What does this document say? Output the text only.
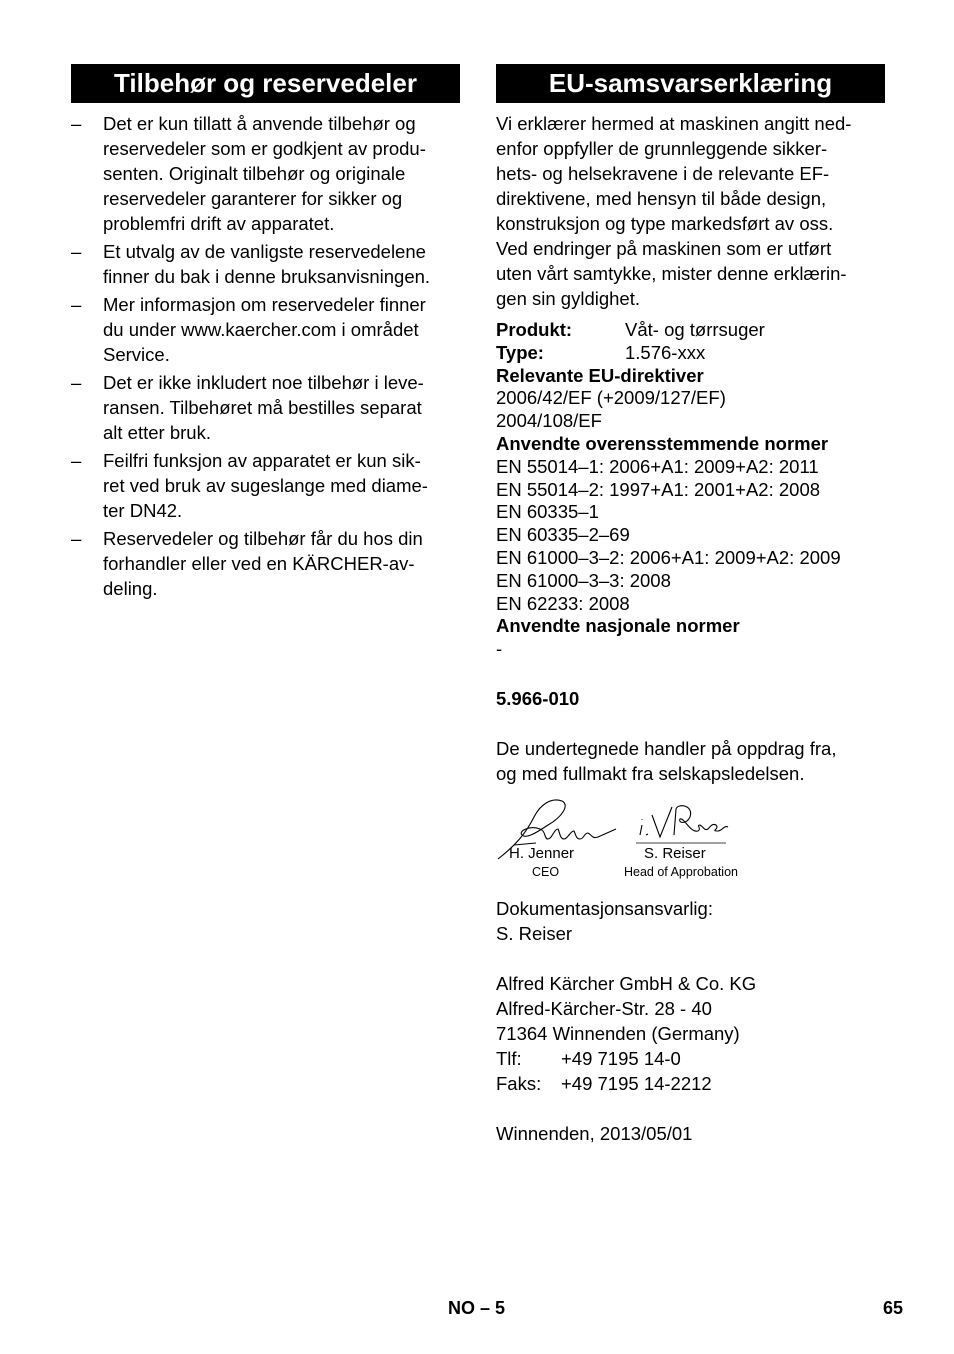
Tilbehør og reservedeler
– Det er kun tillatt å anvende tilbehør og
reservedeler som er godkjent av produ-
senten. Originalt tilbehør og originale
reservedeler garanterer for sikker og
problemfri drift av apparatet.
– Et utvalg av de vanligste reservedelene
finner du bak i denne bruksanvisningen.
– Mer informasjon om reservedeler finner
du under www.kaercher.com i området
Service.
– Det er ikke inkludert noe tilbehør i leve-
ransen. Tilbehøret må bestilles separat
alt etter bruk.
– Feilfri funksjon av apparatet er kun sik-
ret ved bruk av sugeslange med diame-
ter DN42.
– Reservedeler og tilbehør får du hos din
forhandler eller ved en KÄRCHER-av-
deling.
EU-samsvarserklæring
Vi erklærer hermed at maskinen angitt ned-
enfor oppfyller de grunnleggende sikker-
hets- og helsekravene i de relevante EF-
direktivene, med hensyn til både design,
konstruksjon og type markedsført av oss.
Ved endringer på maskinen som er utført
uten vårt samtykke, mister denne erklærin-
gen sin gyldighet.
Produkt:	Våt- og tørrsuger
Type:	1.576-xxx
Relevante EU-direktiver
2006/42/EF (+2009/127/EF)
2004/108/EF
Anvendte overensstemmende normer
EN 55014–1: 2006+A1: 2009+A2: 2011
EN 55014–2: 1997+A1: 2001+A2: 2008
EN 60335–1
EN 60335–2–69
EN 61000–3–2: 2006+A1: 2009+A2: 2009
EN 61000–3–3: 2008
EN 62233: 2008
Anvendte nasjonale normer
-
5.966-010
De undertegnede handler på oppdrag fra,
og med fullmakt fra selskapsledelsen.
H. Jenner
CEO
S. Reiser
Head of Approbation
Dokumentasjonsansvarlig:
S. Reiser
Alfred Kärcher GmbH & Co. KG
Alfred-Kärcher-Str. 28 - 40
71364 Winnenden (Germany)
Tlf:	+49 7195 14-0
Faks:	+49 7195 14-2212
Winnenden, 2013/05/01
NO – 5	65
